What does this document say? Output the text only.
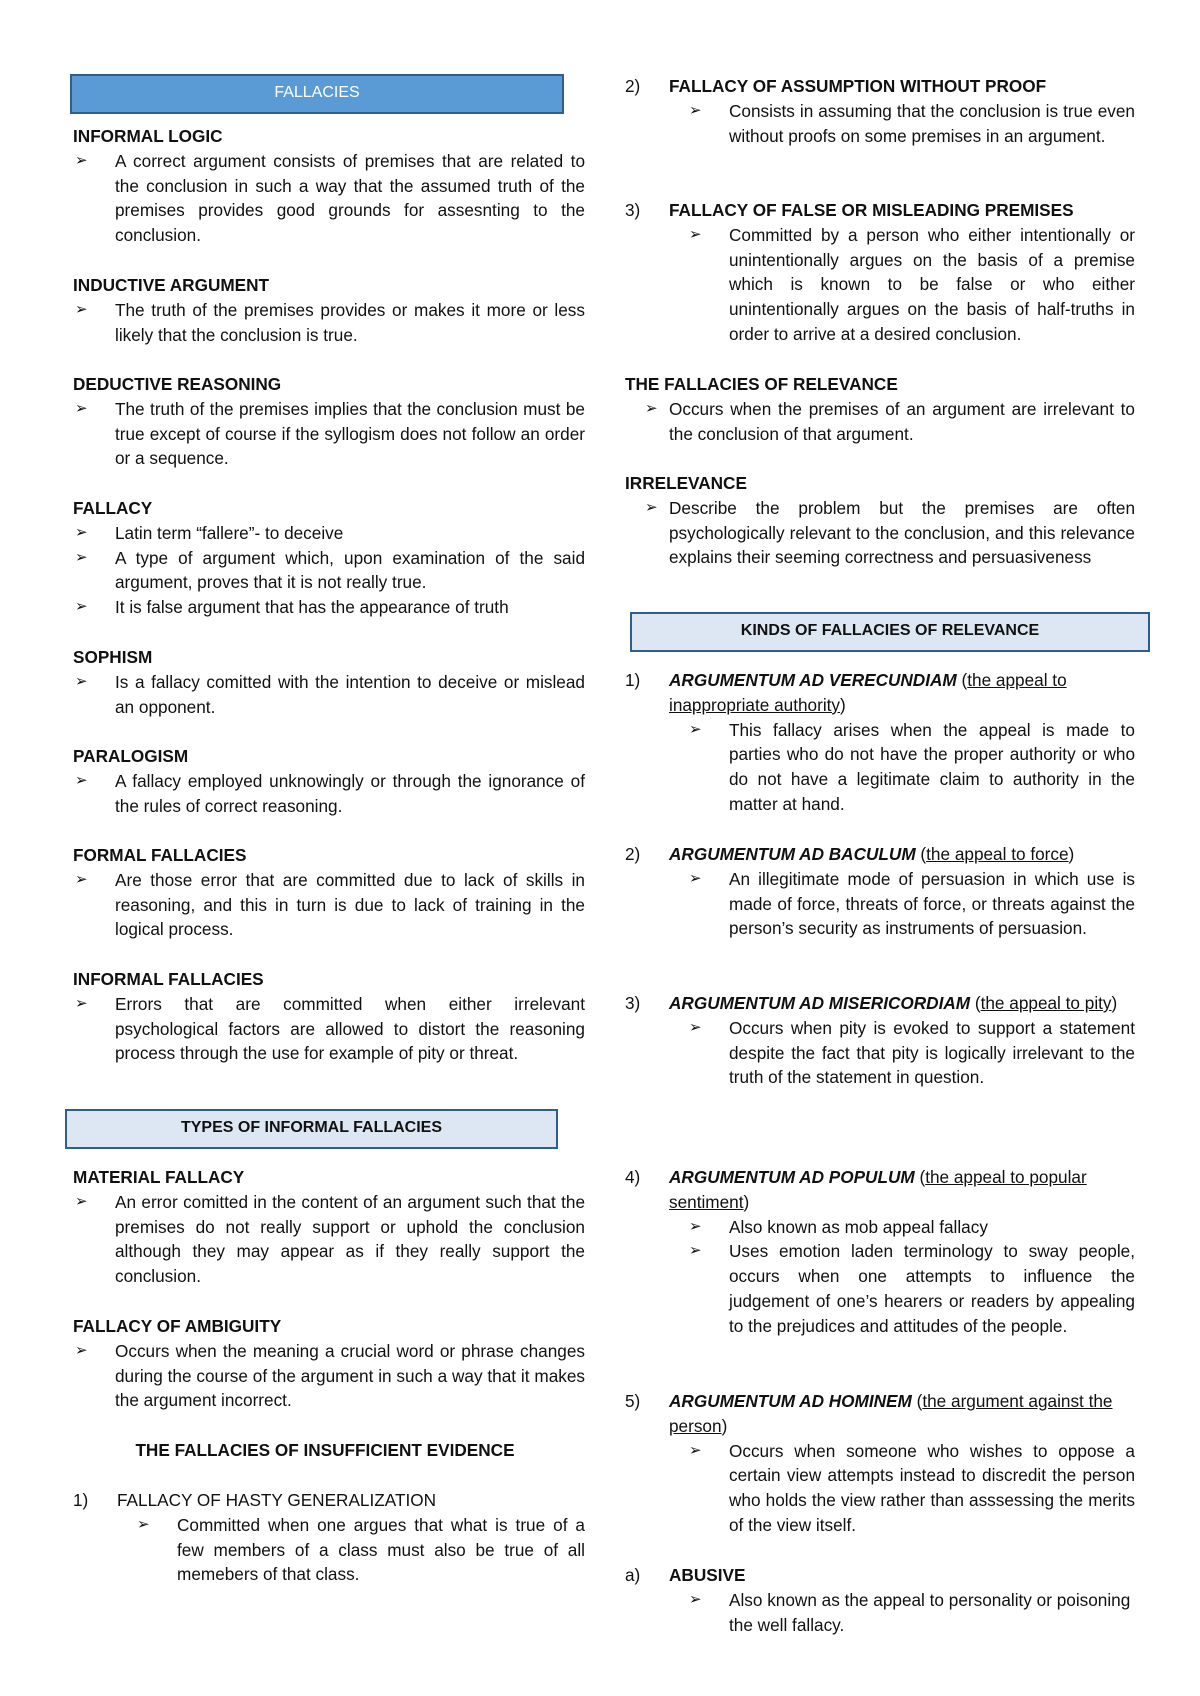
FALLACIES
INFORMAL LOGIC
➢ A correct argument consists of premises that are related to the conclusion in such a way that the assumed truth of the premises provides good grounds for assesnting to the conclusion.
INDUCTIVE ARGUMENT
➢ The truth of the premises provides or makes it more or less likely that the conclusion is true.
DEDUCTIVE REASONING
➢ The truth of the premises implies that the conclusion must be true except of course if the syllogism does not follow an order or a sequence.
FALLACY
➢ Latin term “fallere”- to deceive
➢ A type of argument which, upon examination of the said argument, proves that it is not really true.
➢ It is false argument that has the appearance of truth
SOPHISM
➢ Is a fallacy comitted with the intention to deceive or mislead an opponent.
PARALOGISM
➢ A fallacy employed unknowingly or through the ignorance of the rules of correct reasoning.
FORMAL FALLACIES
➢ Are those error that are committed due to lack of skills in reasoning, and this in turn is due to lack of training in the logical process.
INFORMAL FALLACIES
➢ Errors that are committed when either irrelevant psychological factors are allowed to distort the reasoning process through the use for example of pity or threat.
TYPES OF INFORMAL FALLACIES
MATERIAL FALLACY
➢ An error comitted in the content of an argument such that the premises do not really support or uphold the conclusion although they may appear as if they really support the conclusion.
FALLACY OF AMBIGUITY
➢ Occurs when the meaning a crucial word or phrase changes during the course of the argument in such a way that it makes the argument incorrect.
THE FALLACIES OF INSUFFICIENT EVIDENCE
1) FALLACY OF HASTY GENERALIZATION
➢ Committed when one argues that what is true of a few members of a class must also be true of all memebers of that class.
2) FALLACY OF ASSUMPTION WITHOUT PROOF
➢ Consists in assuming that the conclusion is true even without proofs on some premises in an argument.
3) FALLACY OF FALSE OR MISLEADING PREMISES
➢ Committed by a person who either intentionally or unintentionally argues on the basis of a premise which is known to be false or who either unintentionally argues on the basis of half-truths in order to arrive at a desired conclusion.
THE FALLACIES OF RELEVANCE
➢ Occurs when the premises of an argument are irrelevant to the conclusion of that argument.
IRRELEVANCE
➢ Describe the problem but the premises are often psychologically relevant to the conclusion, and this relevance explains their seeming correctness and persuasiveness
KINDS OF FALLACIES OF RELEVANCE
1) ARGUMENTUM AD VERECUNDIAM (the appeal to inappropriate authority)
➢ This fallacy arises when the appeal is made to parties who do not have the proper authority or who do not have a legitimate claim to authority in the matter at hand.
2) ARGUMENTUM AD BACULUM (the appeal to force)
➢ An illegitimate mode of persuasion in which use is made of force, threats of force, or threats against the person’s security as instruments of persuasion.
3) ARGUMENTUM AD MISERICORDIAM (the appeal to pity)
➢ Occurs when pity is evoked to support a statement despite the fact that pity is logically irrelevant to the truth of the statement in question.
4) ARGUMENTUM AD POPULUM (the appeal to popular sentiment)
➢ Also known as mob appeal fallacy
➢ Uses emotion laden terminology to sway people, occurs when one attempts to influence the judgement of one’s hearers or readers by appealing to the prejudices and attitudes of the people.
5) ARGUMENTUM AD HOMINEM (the argument against the person)
➢ Occurs when someone who wishes to oppose a certain view attempts instead to discredit the person who holds the view rather than asssessing the merits of the view itself.
a) ABUSIVE
➢ Also known as the appeal to personality or poisoning the well fallacy.
